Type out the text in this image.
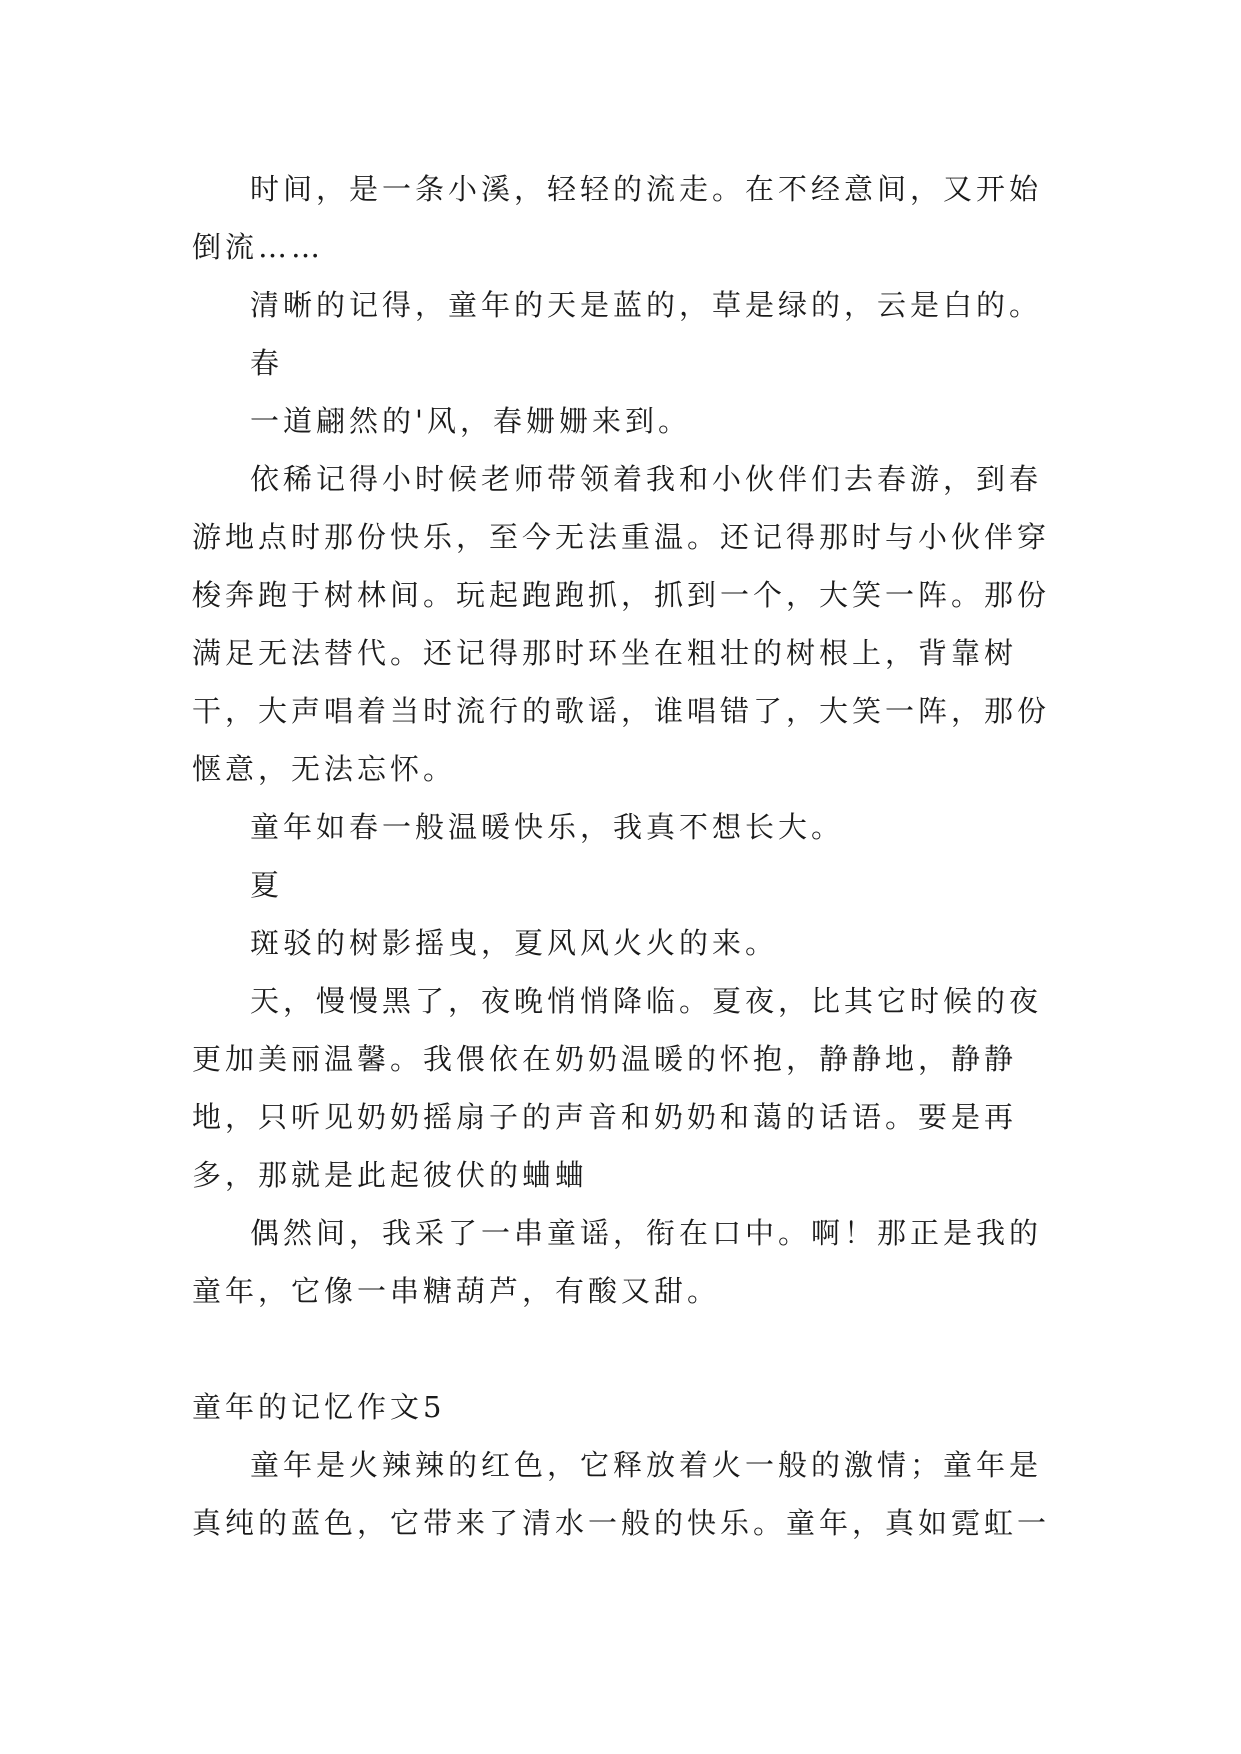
时间，是一条小溪，轻轻的流走。在不经意间，又开始倒流……

清晰的记得，童年的天是蓝的，草是绿的，云是白的。

春

一道翩然的'风，春姗姗来到。

依稀记得小时候老师带领着我和小伙伴们去春游，到春游地点时那份快乐，至今无法重温。还记得那时与小伙伴穿梭奔跑于树林间。玩起跑跑抓，抓到一个，大笑一阵。那份满足无法替代。还记得那时环坐在粗壮的树根上，背靠树干，大声唱着当时流行的歌谣，谁唱错了，大笑一阵，那份惬意，无法忘怀。

童年如春一般温暖快乐，我真不想长大。

夏

斑驳的树影摇曳，夏风风火火的来。

天，慢慢黑了，夜晚悄悄降临。夏夜，比其它时候的夜更加美丽温馨。我偎依在奶奶温暖的怀抱，静静地，静静地，只听见奶奶摇扇子的声音和奶奶和蔼的话语。要是再多，那就是此起彼伏的蛐蛐

偶然间，我采了一串童谣，衔在口中。啊！那正是我的童年，它像一串糖葫芦，有酸又甜。

童年的记忆作文5

童年是火辣辣的红色，它释放着火一般的激情；童年是真纯的蓝色，它带来了清水一般的快乐。童年，真如霓虹一
